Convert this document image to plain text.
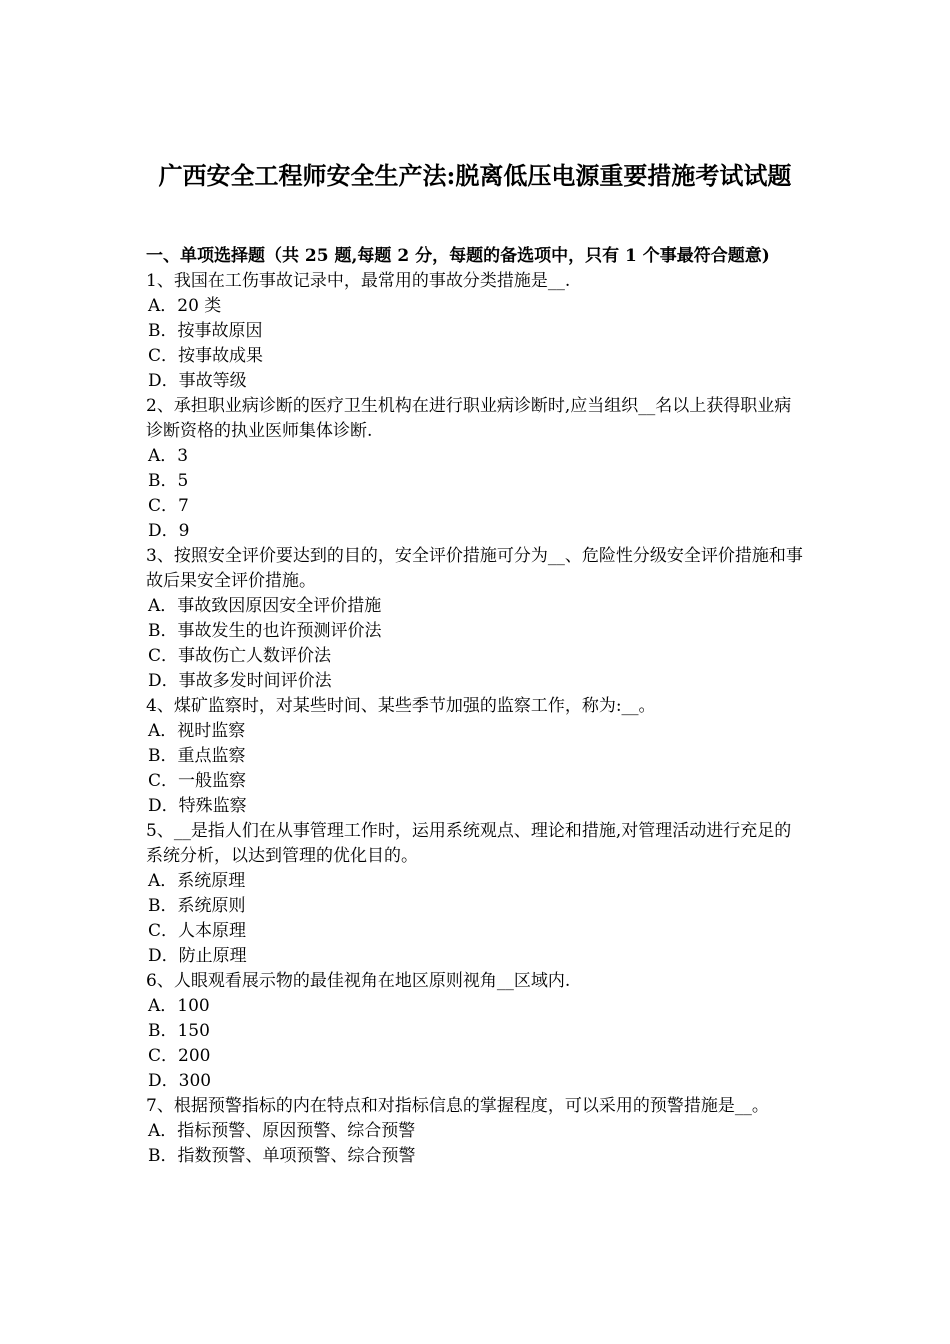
广西安全工程师安全生产法:脱离低压电源重要措施考试试题
一、单项选择题（共 25 题,每题 2 分，每题的备选项中，只有 1 个事最符合题意)
1、我国在工伤事故记录中，最常用的事故分类措施是__.
A．20 类
B．按事故原因
C．按事故成果
D．事故等级
2、承担职业病诊断的医疗卫生机构在进行职业病诊断时,应当组织__名以上获得职业病诊断资格的执业医师集体诊断.
A．3
B．5
C．7
D．9
3、按照安全评价要达到的目的，安全评价措施可分为__、危险性分级安全评价措施和事故后果安全评价措施。
A．事故致因原因安全评价措施
B．事故发生的也许预测评价法
C．事故伤亡人数评价法
D．事故多发时间评价法
4、煤矿监察时，对某些时间、某些季节加强的监察工作，称为:__。
A．视时监察
B．重点监察
C．一般监察
D．特殊监察
5、__是指人们在从事管理工作时，运用系统观点、理论和措施,对管理活动进行充足的系统分析，以达到管理的优化目的。
A．系统原理
B．系统原则
C．人本原理
D．防止原理
6、人眼观看展示物的最佳视角在地区原则视角__区域内.
A．100
B．150
C．200
D．300
7、根据预警指标的内在特点和对指标信息的掌握程度，可以采用的预警措施是__。
A．指标预警、原因预警、综合预警
B．指数预警、单项预警、综合预警
